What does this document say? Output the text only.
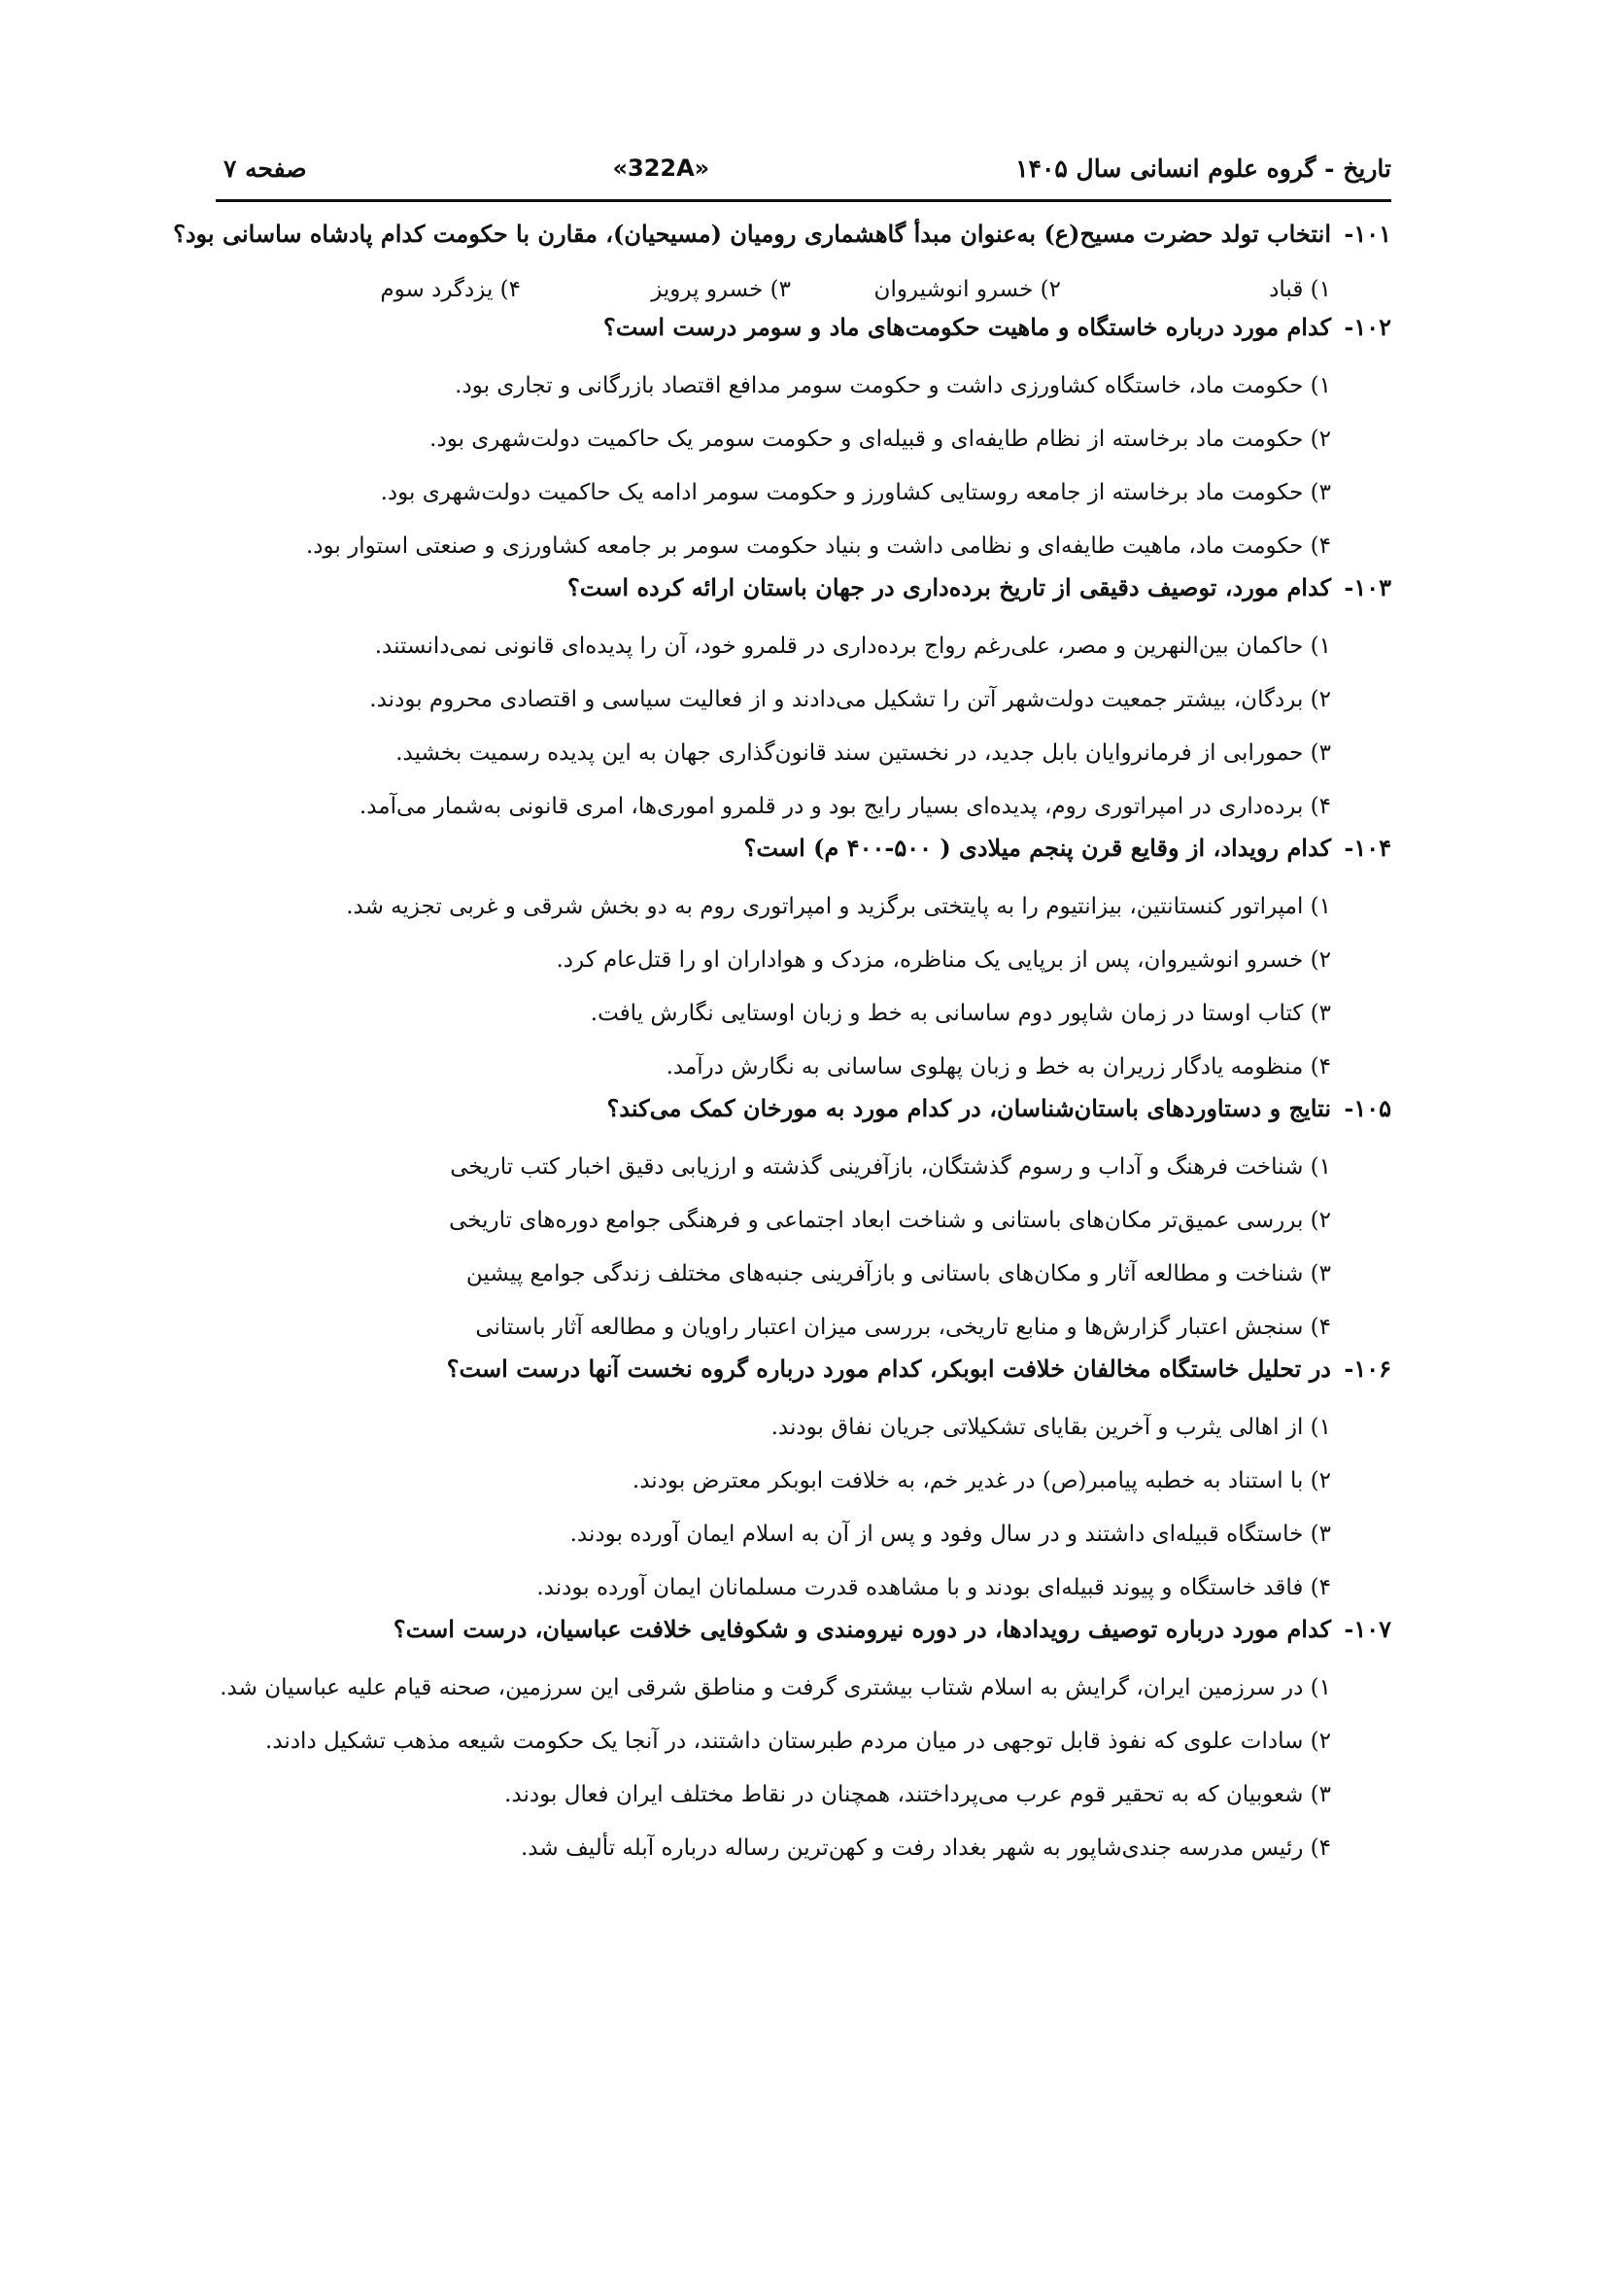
تاریخ - گروه علوم انسانی سال ۱۴۰۵
«322A»
صفحه ۷
۱۰۱-
انتخاب تولد حضرت مسیح(ع) به‌عنوان مبدأ گاهشماری رومیان (مسیحیان)، مقارن با حکومت کدام پادشاه ساسانی بود؟
۱) قباد
۲) خسرو انوشیروان
۳) خسرو پرویز
۴) یزدگرد سوم
۱۰۲-
کدام مورد درباره خاستگاه و ماهیت حکومت‌های ماد و سومر درست است؟
۱) حکومت ماد، خاستگاه کشاورزی داشت و حکومت سومر مدافع اقتصاد بازرگانی و تجاری بود.
۲) حکومت ماد برخاسته از نظام طایفه‌ای و قبیله‌ای و حکومت سومر یک حاکمیت دولت‌شهری بود.
۳) حکومت ماد برخاسته از جامعه روستایی کشاورز و حکومت سومر ادامه یک حاکمیت دولت‌شهری بود.
۴) حکومت ماد، ماهیت طایفه‌ای و نظامی داشت و بنیاد حکومت سومر بر جامعه کشاورزی و صنعتی استوار بود.
۱۰۳-
کدام مورد، توصیف دقیقی از تاریخ برده‌داری در جهان باستان ارائه کرده است؟
۱) حاکمان بین‌النهرین و مصر، علی‌رغم رواج برده‌داری در قلمرو خود، آن را پدیده‌ای قانونی نمی‌دانستند.
۲) بردگان، بیشتر جمعیت دولت‌شهر آتن را تشکیل می‌دادند و از فعالیت سیاسی و اقتصادی محروم بودند.
۳) حمورابی از فرمانروایان بابل جدید، در نخستین سند قانون‌گذاری جهان به این پدیده رسمیت بخشید.
۴) برده‌داری در امپراتوری روم، پدیده‌ای بسیار رایج بود و در قلمرو اموری‌ها، امری قانونی به‌شمار می‌آمد.
۱۰۴-
کدام رویداد، از وقایع قرن پنجم میلادی ( ۵۰۰-۴۰۰ م) است؟
۱) امپراتور کنستانتین، بیزانتیوم را به پایتختی برگزید و امپراتوری روم به دو بخش شرقی و غربی تجزیه شد.
۲) خسرو انوشیروان، پس از برپایی یک مناظره، مزدک و هواداران او را قتل‌عام کرد.
۳) کتاب اوستا در زمان شاپور دوم ساسانی به خط و زبان اوستایی نگارش یافت.
۴) منظومه یادگار زریران به خط و زبان پهلوی ساسانی به نگارش درآمد.
۱۰۵-
نتایج و دستاوردهای باستان‌شناسان، در کدام مورد به مورخان کمک می‌کند؟
۱) شناخت فرهنگ و آداب و رسوم گذشتگان، بازآفرینی گذشته و ارزیابی دقیق اخبار کتب تاریخی
۲) بررسی عمیق‌تر مکان‌های باستانی و شناخت ابعاد اجتماعی و فرهنگی جوامع دوره‌های تاریخی
۳) شناخت و مطالعه آثار و مکان‌های باستانی و بازآفرینی جنبه‌های مختلف زندگی جوامع پیشین
۴) سنجش اعتبار گزارش‌ها و منابع تاریخی، بررسی میزان اعتبار راویان و مطالعه آثار باستانی
۱۰۶-
در تحلیل خاستگاه مخالفان خلافت ابوبکر، کدام مورد درباره گروه نخست آنها درست است؟
۱) از اهالی یثرب و آخرین بقایای تشکیلاتی جریان نفاق بودند.
۲) با استناد به خطبه پیامبر(ص) در غدیر خم، به خلافت ابوبکر معترض بودند.
۳) خاستگاه قبیله‌ای داشتند و در سال وفود و پس از آن به اسلام ایمان آورده بودند.
۴) فاقد خاستگاه و پیوند قبیله‌ای بودند و با مشاهده قدرت مسلمانان ایمان آورده بودند.
۱۰۷-
کدام مورد درباره توصیف رویدادها، در دوره نیرومندی و شکوفایی خلافت عباسیان، درست است؟
۱) در سرزمین ایران، گرایش به اسلام شتاب بیشتری گرفت و مناطق شرقی این سرزمین، صحنه قیام علیه عباسیان شد.
۲) سادات علوی که نفوذ قابل توجهی در میان مردم طبرستان داشتند، در آنجا یک حکومت شیعه مذهب تشکیل دادند.
۳) شعوبیان که به تحقیر قوم عرب می‌پرداختند، همچنان در نقاط مختلف ایران فعال بودند.
۴) رئیس مدرسه جندی‌شاپور به شهر بغداد رفت و کهن‌ترین رساله درباره آبله تألیف شد.
